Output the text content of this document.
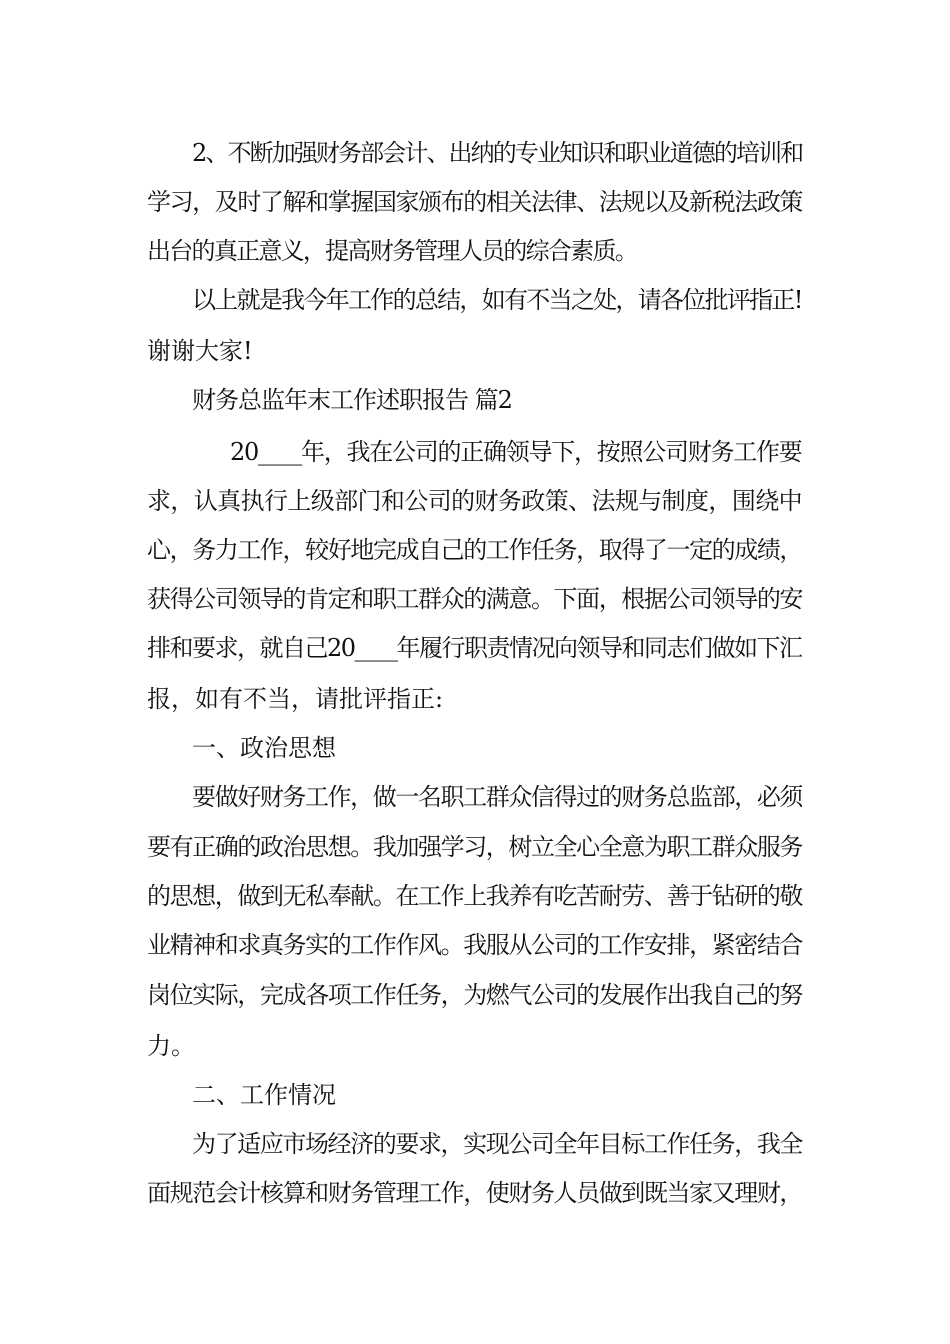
2、不断加强财务部会计、出纳的专业知识和职业道德的培训和
学习，及时了解和掌握国家颁布的相关法律、法规以及新税法政策
出台的真正意义，提高财务管理人员的综合素质。
以上就是我今年工作的总结，如有不当之处，请各位批评指正!
谢谢大家!
财务总监年末工作述职报告 篇2
20____年，我在公司的正确领导下，按照公司财务工作要
求，认真执行上级部门和公司的财务政策、法规与制度，围绕中
心，务力工作，较好地完成自己的工作任务，取得了一定的成绩，
获得公司领导的肯定和职工群众的满意。下面，根据公司领导的安
排和要求，就自己20____年履行职责情况向领导和同志们做如下汇
报，如有不当，请批评指正:
一、政治思想
要做好财务工作，做一名职工群众信得过的财务总监部，必须
要有正确的政治思想。我加强学习，树立全心全意为职工群众服务
的思想，做到无私奉献。在工作上我养有吃苦耐劳、善于钻研的敬
业精神和求真务实的工作作风。我服从公司的工作安排，紧密结合
岗位实际，完成各项工作任务，为燃气公司的发展作出我自己的努
力。
二、工作情况
为了适应市场经济的要求，实现公司全年目标工作任务，我全
面规范会计核算和财务管理工作，使财务人员做到既当家又理财，
